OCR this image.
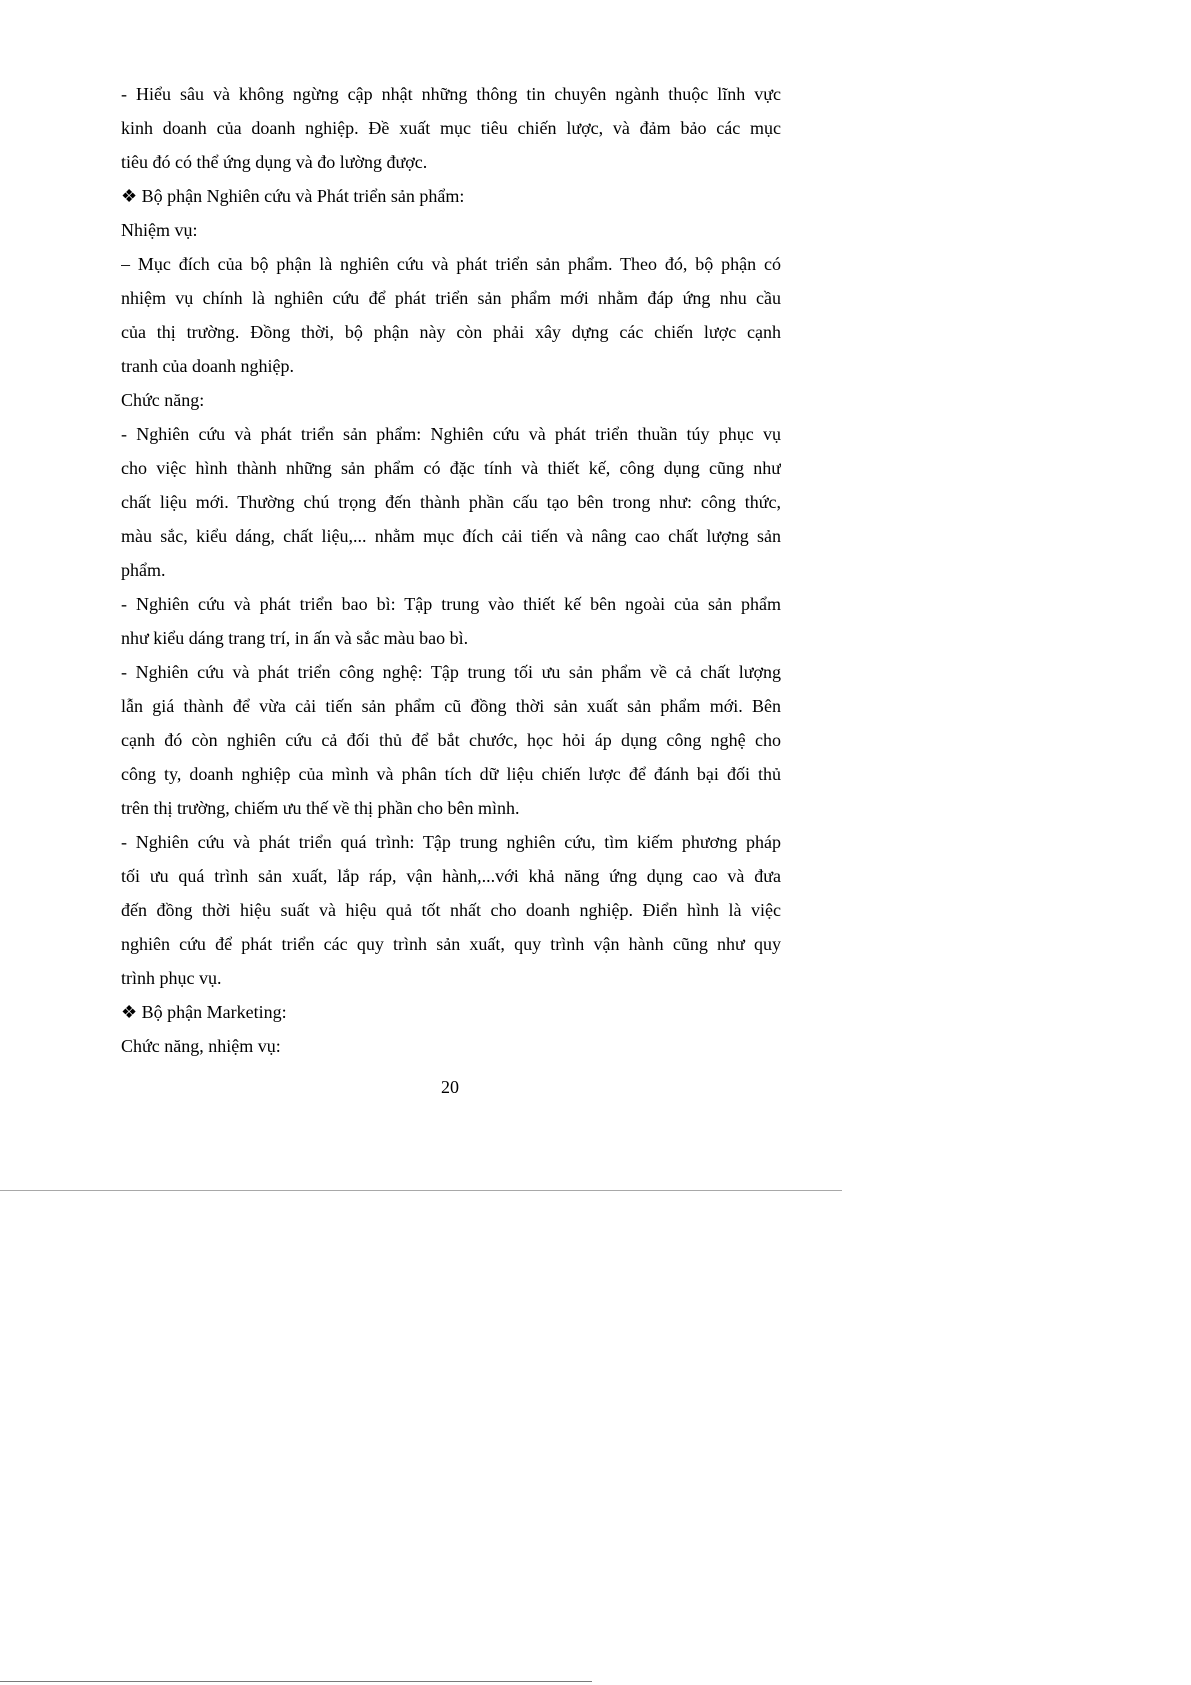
- Hiểu sâu và không ngừng cập nhật những thông tin chuyên ngành thuộc lĩnh vực
kinh doanh của doanh nghiệp. Đề xuất mục tiêu chiến lược, và đảm bảo các mục
tiêu đó có thể ứng dụng và đo lường được.
❖ Bộ phận Nghiên cứu và Phát triển sản phẩm:
Nhiệm vụ:
– Mục đích của bộ phận là nghiên cứu và phát triển sản phẩm. Theo đó, bộ phận có
nhiệm vụ chính là nghiên cứu để phát triển sản phẩm mới nhằm đáp ứng nhu cầu
của thị trường. Đồng thời, bộ phận này còn phải xây dựng các chiến lược cạnh
tranh của doanh nghiệp.
Chức năng:
- Nghiên cứu và phát triển sản phẩm: Nghiên cứu và phát triển thuần túy phục vụ
cho việc hình thành những sản phẩm có đặc tính và thiết kế, công dụng cũng như
chất liệu mới. Thường chú trọng đến thành phần cấu tạo bên trong như: công thức,
màu sắc, kiểu dáng, chất liệu,... nhằm mục đích cải tiến và nâng cao chất lượng sản
phẩm.
- Nghiên cứu và phát triển bao bì: Tập trung vào thiết kế bên ngoài của sản phẩm
như kiểu dáng trang trí, in ấn và sắc màu bao bì.
- Nghiên cứu và phát triển công nghệ: Tập trung tối ưu sản phẩm về cả chất lượng
lẫn giá thành để vừa cải tiến sản phẩm cũ đồng thời sản xuất sản phẩm mới. Bên
cạnh đó còn nghiên cứu cả đối thủ để bắt chước, học hỏi áp dụng công nghệ cho
công ty, doanh nghiệp của mình và phân tích dữ liệu chiến lược để đánh bại đối thủ
trên thị trường, chiếm ưu thế về thị phần cho bên mình.
- Nghiên cứu và phát triển quá trình: Tập trung nghiên cứu, tìm kiếm phương pháp
tối ưu quá trình sản xuất, lắp ráp, vận hành,...với khả năng ứng dụng cao và đưa
đến đồng thời hiệu suất và hiệu quả tốt nhất cho doanh nghiệp. Điển hình là việc
nghiên cứu để phát triển các quy trình sản xuất, quy trình vận hành cũng như quy
trình phục vụ.
❖ Bộ phận Marketing:
Chức năng, nhiệm vụ:
20
